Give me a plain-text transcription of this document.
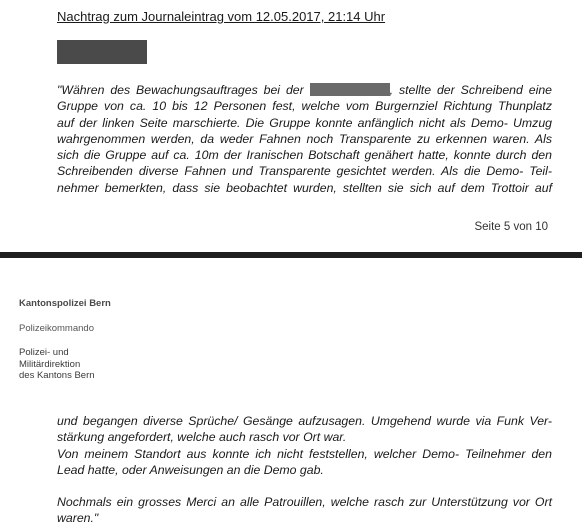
Nachtrag zum Journaleintrag vom 12.05.2017, 21:14 Uhr
"Währen des Bewachungsauftrages bei der	, stellte der Schreibend eine
Gruppe von ca. 10 bis 12 Personen fest, welche vom Burgernziel Richtung Thunplatz
auf der linken Seite marschierte. Die Gruppe konnte anfänglich nicht als Demo- Umzug
wahrgenommen werden, da weder Fahnen noch Transparente zu erkennen waren. Als
sich die Gruppe auf ca. 10m der Iranischen Botschaft genähert hatte, konnte durch den
Schreibenden diverse Fahnen und Transparente gesichtet werden. Als die Demo- Teil-
nehmer bemerkten, dass sie beobachtet wurden, stellten sie sich auf dem Trottoir auf
Seite 5 von 10
Kantonspolizei Bern
Polizeikommando
Polizei- und
Militärdirektion
des Kantons Bern
und begangen diverse Sprüche/ Gesänge aufzusagen. Umgehend wurde via Funk Ver-
stärkung angefordert, welche auch rasch vor Ort war.
Von meinem Standort aus konnte ich nicht feststellen, welcher Demo- Teilnehmer den
Lead hatte, oder Anweisungen an die Demo gab.
Nochmals ein grosses Merci an alle Patrouillen, welche rasch zur Unterstützung vor Ort
waren."
